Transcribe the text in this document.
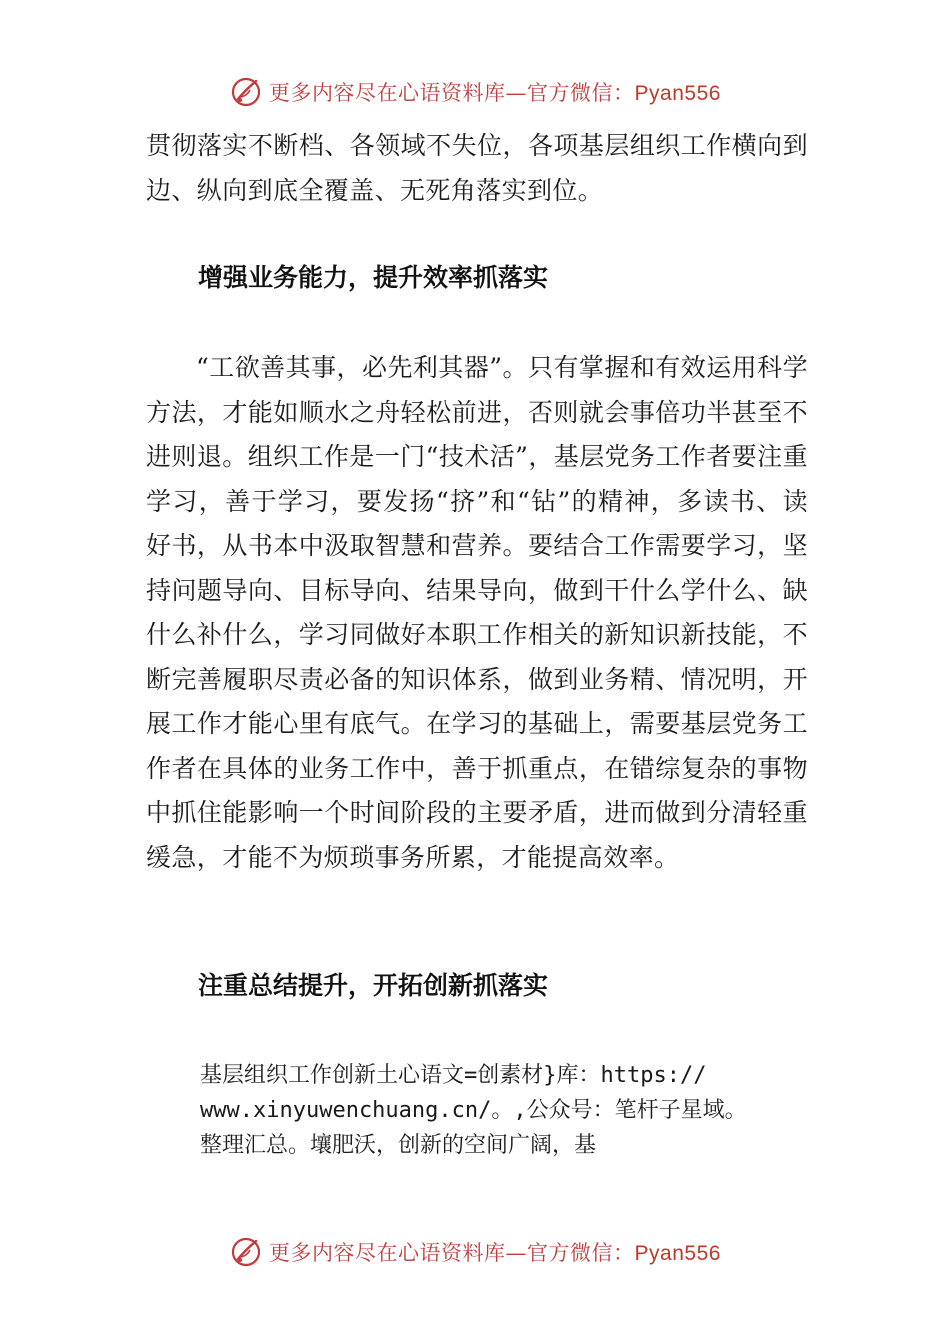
更多内容尽在心语资料库—官方微信：Pyan556

贯彻落实不断档、各领域不失位，各项基层组织工作横向到边、纵向到底全覆盖、无死角落实到位。

增强业务能力，提升效率抓落实

“工欲善其事，必先利其器”。只有掌握和有效运用科学方法，才能如顺水之舟轻松前进，否则就会事倍功半甚至不进则退。组织工作是一门“技术活”，基层党务工作者要注重学习，善于学习，要发扬“挤”和“钻”的精神，多读书、读好书，从书本中汲取智慧和营养。要结合工作需要学习，坚持问题导向、目标导向、结果导向，做到干什么学什么、缺什么补什么，学习同做好本职工作相关的新知识新技能，不断完善履职尽责必备的知识体系，做到业务精、情况明，开展工作才能心里有底气。在学习的基础上，需要基层党务工作者在具体的业务工作中，善于抓重点，在错综复杂的事物中抓住能影响一个时间阶段的主要矛盾，进而做到分清轻重缓急，才能不为烦琐事务所累，才能提高效率。

注重总结提升，开拓创新抓落实
基层组织工作创新土心语文=创素材}库：https://
www.xinyuwenchuang.cn/。,公众号：笔杆子星域。
整理汇总。壤肥沃，创新的空间广阔，基
更多内容尽在心语资料库—官方微信：Pyan556
